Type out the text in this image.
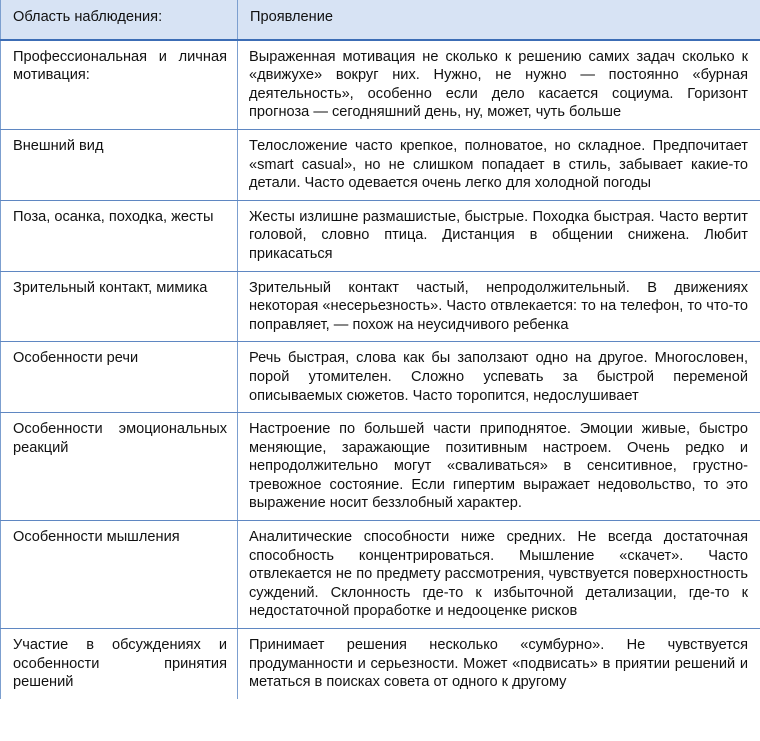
Область наблюдения:	Проявление
Профессиональная и личная мотивация:	Выраженная мотивация не сколько к решению самих задач сколько к «движухе» вокруг них. Нужно, не нужно — постоянно «бурная деятельность», особенно если дело касается социума. Горизонт прогноза — сегодняшний день, ну, может, чуть больше
Внешний вид	Телосложение часто крепкое, полноватое, но складное. Предпочитает «smart casual», но не слишком попадает в стиль, забывает какие-то детали. Часто одевается очень легко для холодной погоды
Поза, осанка, походка, жесты	Жесты излишне размашистые, быстрые. Походка быстрая. Часто вертит головой, словно птица. Дистанция в общении снижена. Любит прикасаться
Зрительный контакт, мимика	Зрительный контакт частый, непродолжительный. В движениях некоторая «несерьезность». Часто отвлекается: то на телефон, то что-то поправляет, — похож на неусидчивого ребенка
Особенности речи	Речь быстрая, слова как бы заползают одно на другое. Многословен, порой утомителен. Сложно успевать за быстрой переменой описываемых сюжетов. Часто торопится, недослушивает
Особенности эмоциональных реакций	Настроение по большей части приподнятое. Эмоции живые, быстро меняющие, заражающие позитивным настроем. Очень редко и непродолжительно могут «сваливаться» в сенситивное, грустно-тревожное состояние. Если гипертим выражает недовольство, то это выражение носит беззлобный характер.
Особенности мышления	Аналитические способности ниже средних. Не всегда достаточная способность концентрироваться. Мышление «скачет». Часто отвлекается не по предмету рассмотрения, чувствуется поверхностность суждений. Склонность где-то к избыточной детализации, где-то к недостаточной проработке и недооценке рисков
Участие в обсуждениях и особенности принятия решений	Принимает решения несколько «сумбурно». Не чувствуется продуманности и серьезности. Может «подвисать» в приятии решений и метаться в поисках совета от одного к другому
